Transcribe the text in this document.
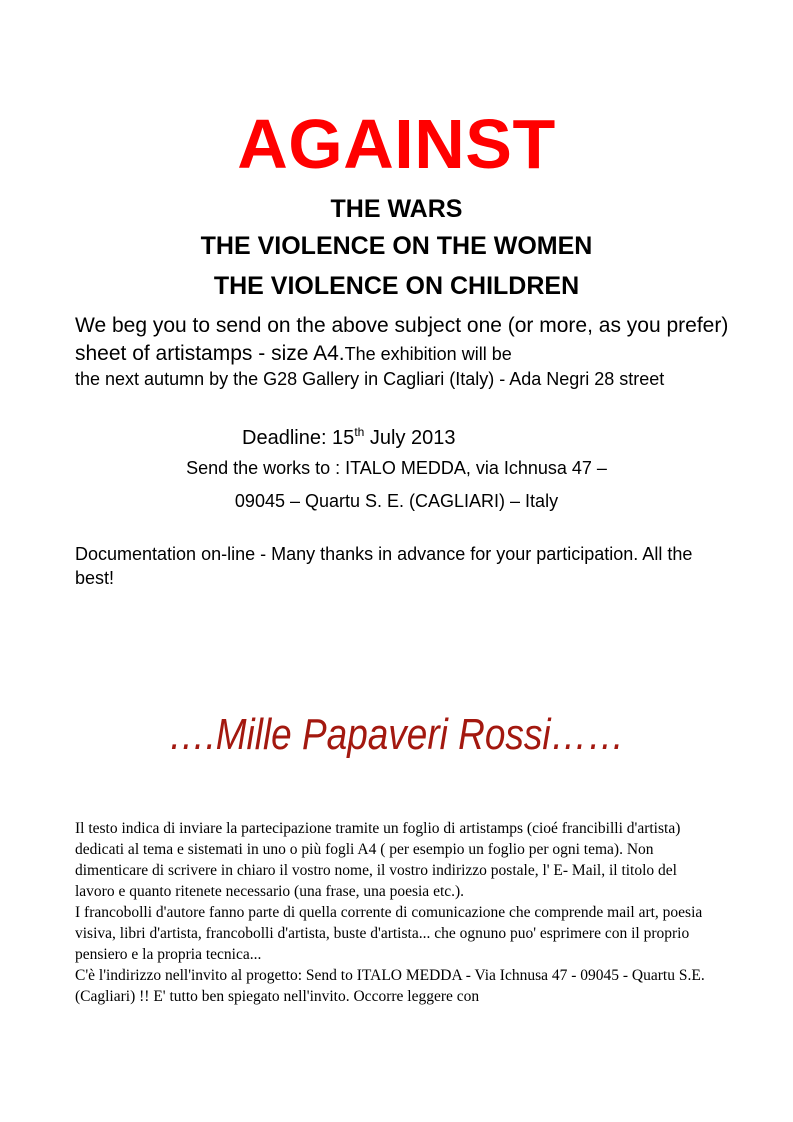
AGAINST
THE WARS
THE VIOLENCE ON THE WOMEN
THE VIOLENCE ON CHILDREN

We beg you to send on the above subject one (or more, as you prefer) sheet of artistamps - size A4.The exhibition will be

the next autumn by the G28 Gallery in Cagliari (Italy) - Ada Negri 28 street

Deadline: 15th July 2013
Send the works to : ITALO MEDDA, via Ichnusa 47 –
09045 – Quartu S. E. (CAGLIARI) – Italy

Documentation on-line - Many thanks in advance for your participation. All the best!

….Mille Papaveri Rossi……

Il testo indica di inviare la partecipazione tramite un foglio di artistamps (cioé francibilli d'artista) dedicati al tema e sistemati in uno o più fogli A4 ( per esempio un foglio per ogni tema). Non dimenticare di scrivere in chiaro il vostro nome, il vostro indirizzo postale, l' E- Mail, il titolo del lavoro e quanto ritenete necessario (una frase, una poesia etc.).

I francobolli d'autore fanno parte di quella corrente di comunicazione che comprende mail art, poesia visiva, libri d'artista, francobolli d'artista, buste d'artista... che ognuno puo' esprimere con il proprio pensiero e la propria tecnica...

C'è l'indirizzo nell'invito al progetto: Send to ITALO MEDDA - Via Ichnusa 47 - 09045 - Quartu S.E. (Cagliari) !! E' tutto ben spiegato nell'invito. Occorre leggere con
